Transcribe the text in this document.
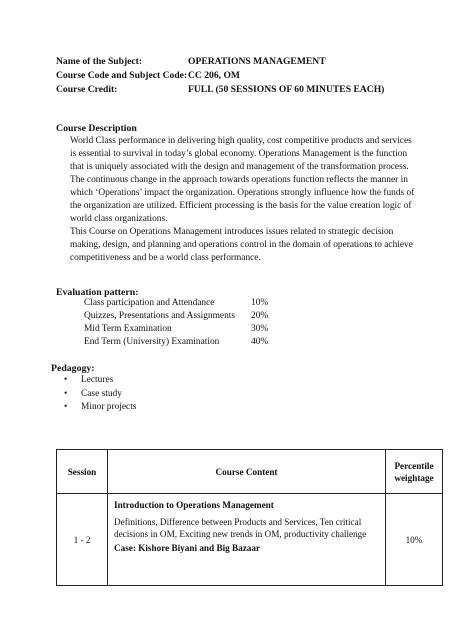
Name of the Subject:	OPERATIONS MANAGEMENT
Course Code and Subject Code: CC 206, OM
Course Credit:	FULL (50 SESSIONS OF 60 MINUTES EACH)
Course Description
World Class performance in delivering high quality, cost competitive products and services
is essential to survival in today’s global economy. Operations Management is the function
that is uniquely associated with the design and management of the transformation process.
The continuous change in the approach towards operations function reflects the manner in
which ‘Operations’ impact the organization. Operations strongly influence how the funds of
the organization are utilized. Efficient processing is the basis for the value creation logic of
world class organizations.
This Course on Operations Management introduces issues related to strategic decision
making, design, and planning and operations control in the domain of operations to achieve
competitiveness and be a world class performance.
Evaluation pattern:
Class participation and Attendance	10%
Quizzes, Presentations and Assignments 20%
Mid Term Examination	30%
End Term (University) Examination	40%
Pedagogy:
• Lectures
• Case study
• Minor projects
Session	Course Content	Percentile
weightage

1 - 2	Introduction to Operations Management
Definitions, Difference between Products and Services, Ten critical
decisions in OM, Exciting new trends in OM, productivity challenge
Case: Kishore Biyani and Big Bazaar	10%
